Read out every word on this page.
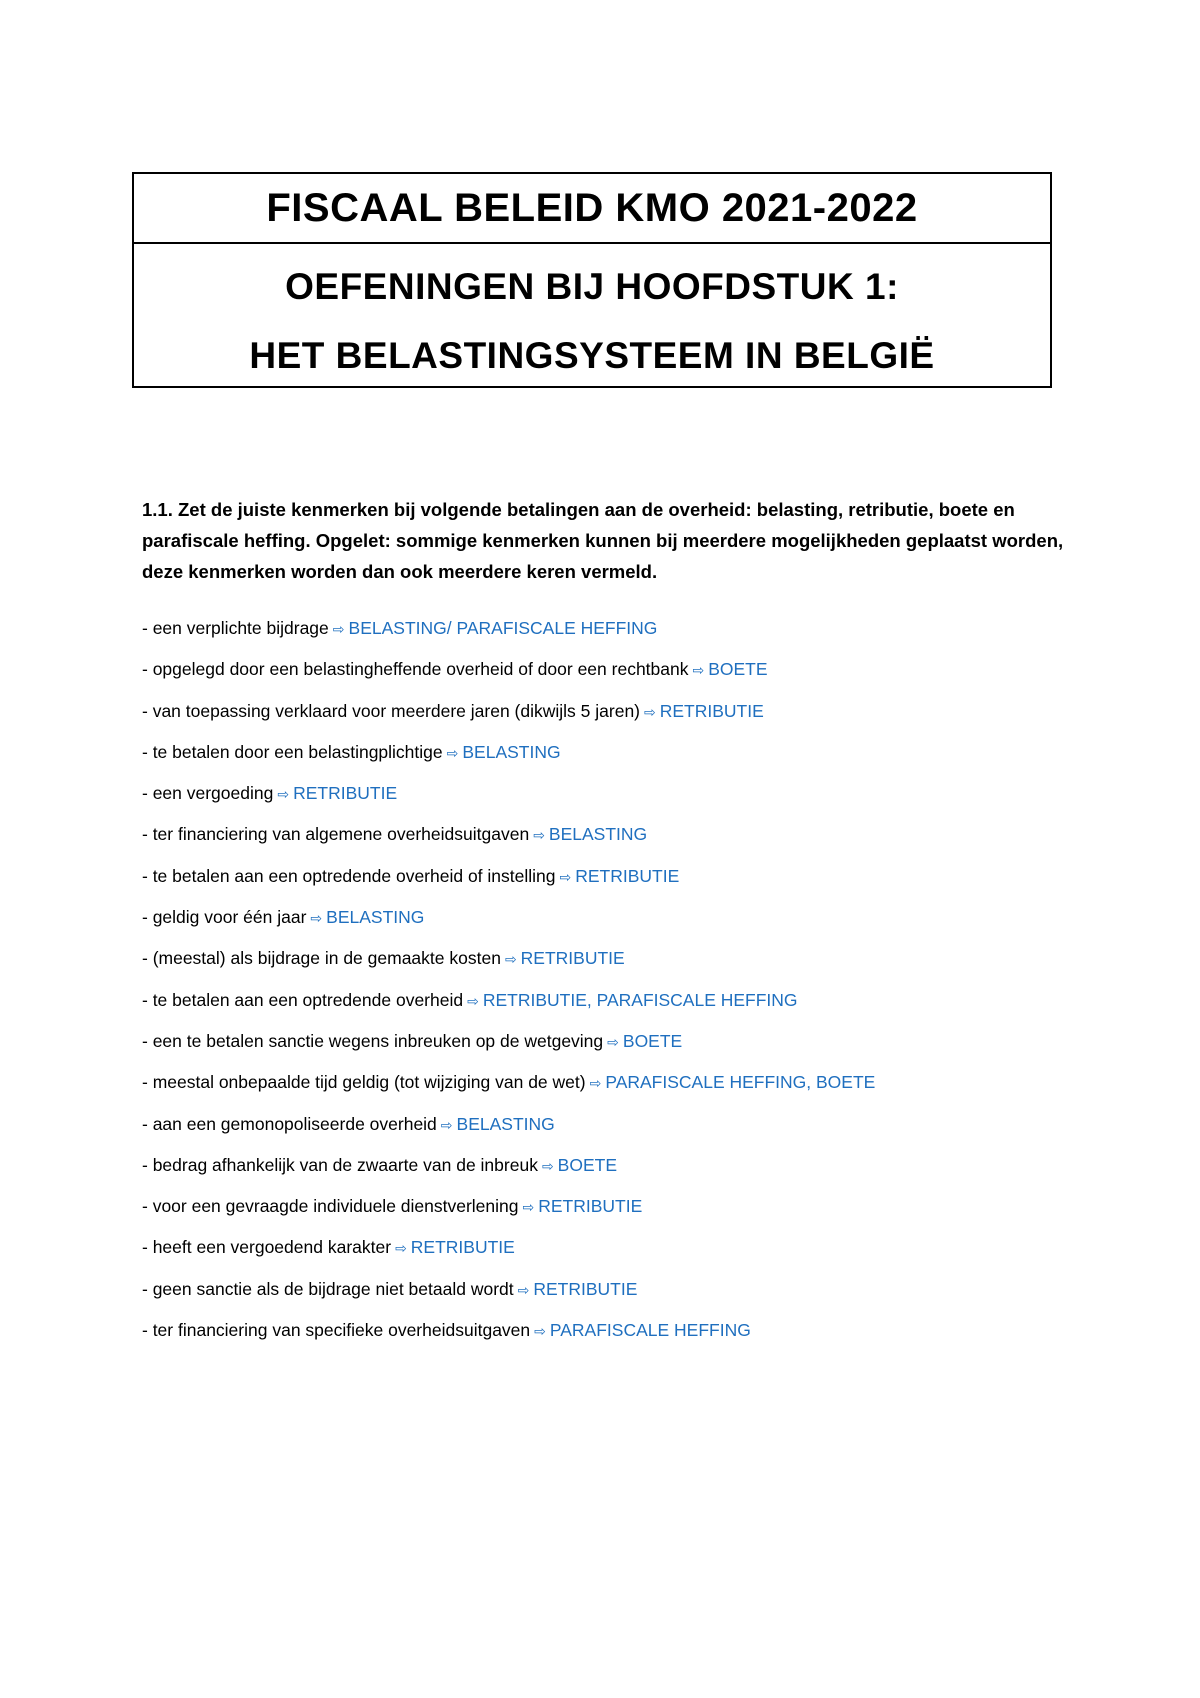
FISCAAL BELEID KMO 2021-2022
OEFENINGEN BIJ HOOFDSTUK 1:
HET BELASTINGSYSTEEM IN BELGIË

1.1. Zet de juiste kenmerken bij volgende betalingen aan de overheid: belasting, retributie, boete en parafiscale heffing. Opgelet: sommige kenmerken kunnen bij meerdere mogelijkheden geplaatst worden, deze kenmerken worden dan ook meerdere keren vermeld.

- een verplichte bijdrage ⇨ BELASTING/ PARAFISCALE HEFFING
- opgelegd door een belastingheffende overheid of door een rechtbank ⇨ BOETE
- van toepassing verklaard voor meerdere jaren (dikwijls 5 jaren) ⇨ RETRIBUTIE
- te betalen door een belastingplichtige ⇨ BELASTING
- een vergoeding ⇨ RETRIBUTIE
- ter financiering van algemene overheidsuitgaven ⇨ BELASTING
- te betalen aan een optredende overheid of instelling ⇨ RETRIBUTIE
- geldig voor één jaar ⇨ BELASTING
- (meestal) als bijdrage in de gemaakte kosten ⇨ RETRIBUTIE
- te betalen aan een optredende overheid ⇨ RETRIBUTIE, PARAFISCALE HEFFING
- een te betalen sanctie wegens inbreuken op de wetgeving ⇨ BOETE
- meestal onbepaalde tijd geldig (tot wijziging van de wet) ⇨ PARAFISCALE HEFFING, BOETE
- aan een gemonopoliseerde overheid ⇨ BELASTING
- bedrag afhankelijk van de zwaarte van de inbreuk ⇨ BOETE
- voor een gevraagde individuele dienstverlening ⇨ RETRIBUTIE
- heeft een vergoedend karakter ⇨ RETRIBUTIE
- geen sanctie als de bijdrage niet betaald wordt ⇨ RETRIBUTIE
- ter financiering van specifieke overheidsuitgaven ⇨ PARAFISCALE HEFFING
